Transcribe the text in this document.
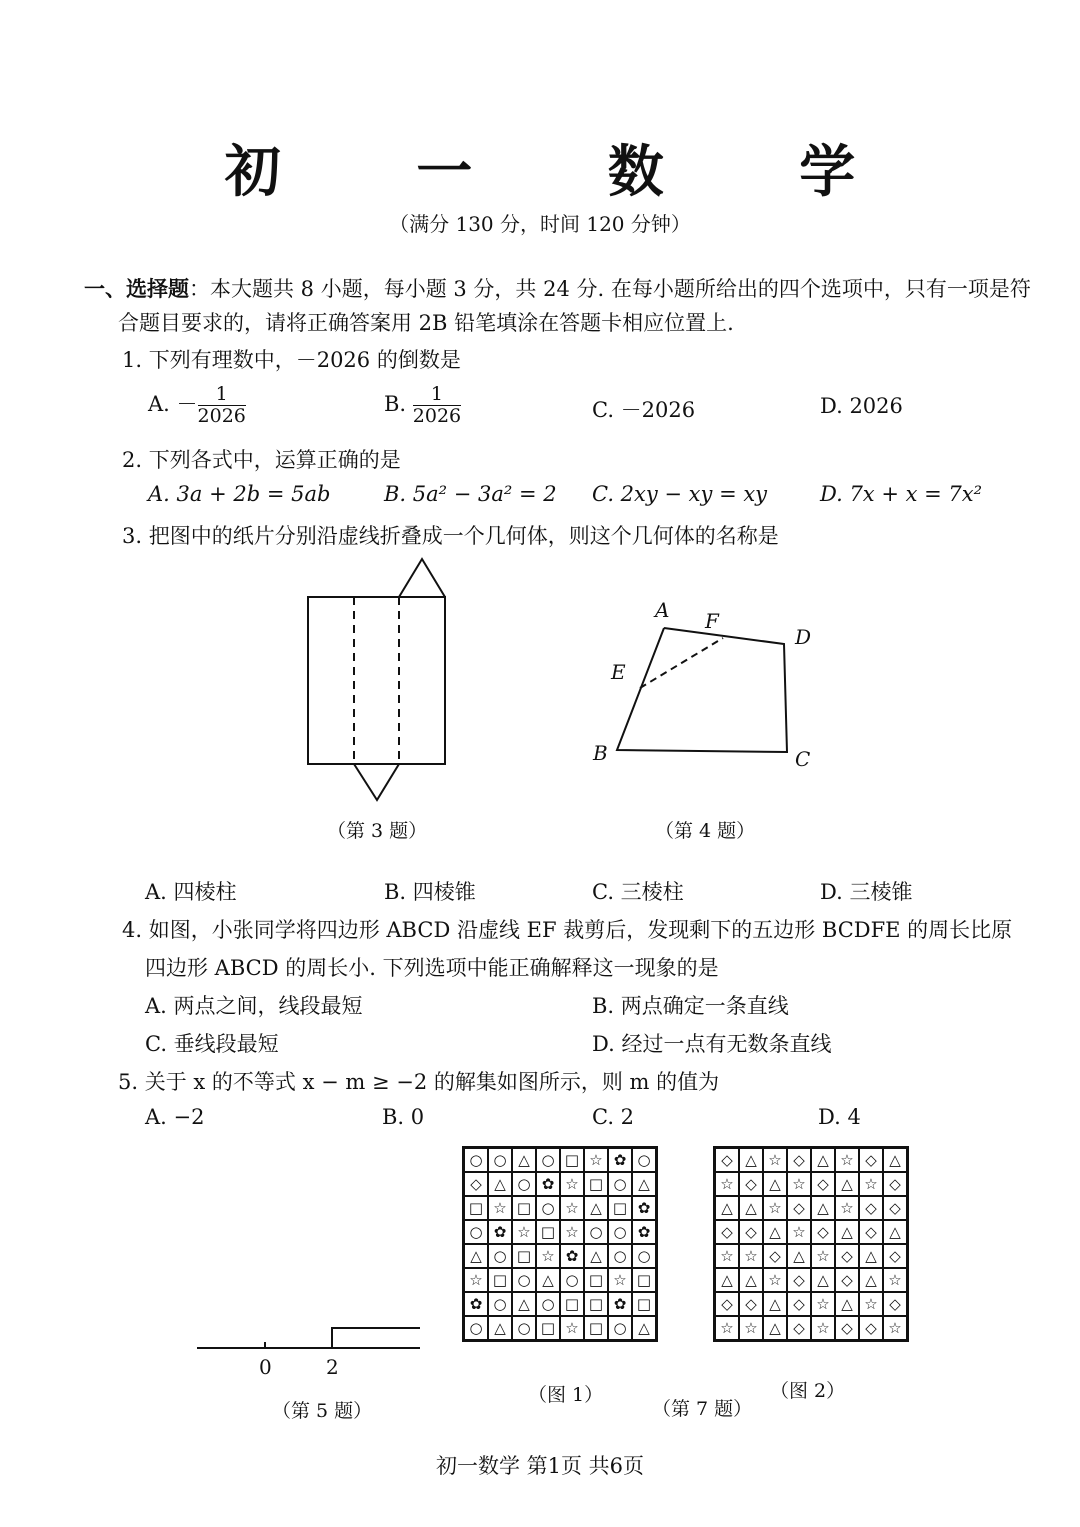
初 一 数 学
（满分 130 分，时间 120 分钟）
一、选择题：本大题共 8 小题，每小题 3 分，共 24 分. 在每小题所给出的四个选项中，只有一项是符
合题目要求的，请将正确答案用 2B 铅笔填涂在答题卡相应位置上.
1. 下列有理数中，－2026 的倒数是
A. － $\frac{1}{2026}$	B. $\frac{1}{2026}$	C. －2026	D. 2026
2. 下列各式中，运算正确的是
A. 3a + 2b = 5ab	B. 5a² − 3a² = 2 C. 2xy − xy = xy	D. 7x + x = 7x²
3. 把图中的纸片分别沿虚线折叠成一个几何体，则这个几何体的名称是
（第 3 题）
A F
D
E
B	C
（第 4 题）
A. 四棱柱	B. 四棱锥	C. 三棱柱	D. 三棱锥
4. 如图，小张同学将四边形 ABCD 沿虚线 EF 裁剪后，发现剩下的五边形 BCDFE 的周长比原
四边形 ABCD 的周长小. 下列选项中能正确解释这一现象的是
A. 两点之间，线段最短	B. 两点确定一条直线
C. 垂线段最短	D. 经过一点有无数条直线
5. 关于 x 的不等式 x − m ≥ −2 的解集如图所示，则 m 的值为
A. −2	B. 0	C. 2	D. 4
0	2
（第 5 题）
○ ○ △ ○ □ ☆ ✿ ○
◇ △ ○ ✿ ☆ □ ○ △
□ ☆ □ ○ ☆ △ □ ✿
○ ✿ ☆ □ ☆ ○ ○ ✿
△ ○ □ ☆ ✿ △ ○ ○
☆ □ ○ △ ○ □ ☆ □
✿ ○ △ ○ □ □ ✿ □
○ △ ○ □ ☆ □ ○ △
◇ △ ☆ ◇ △ ☆ ◇ △
☆ ◇ △ ☆ ◇ △ ☆ ◇
△ △ ☆ ◇ △ ☆ ◇ ◇
◇ ◇ △ ☆ ◇ △ ◇ △
☆ ☆ ◇ △ ☆ ◇ △ ◇
△ △ ☆ ◇ △ ◇ △ ☆
◇ ◇ △ ◇ ☆ △ ☆ ◇
☆ ☆ △ ◇ ☆ ◇ ◇ ☆
（图 1）	（图 2）
（第 7 题）
初一数学 第1页 共6页
